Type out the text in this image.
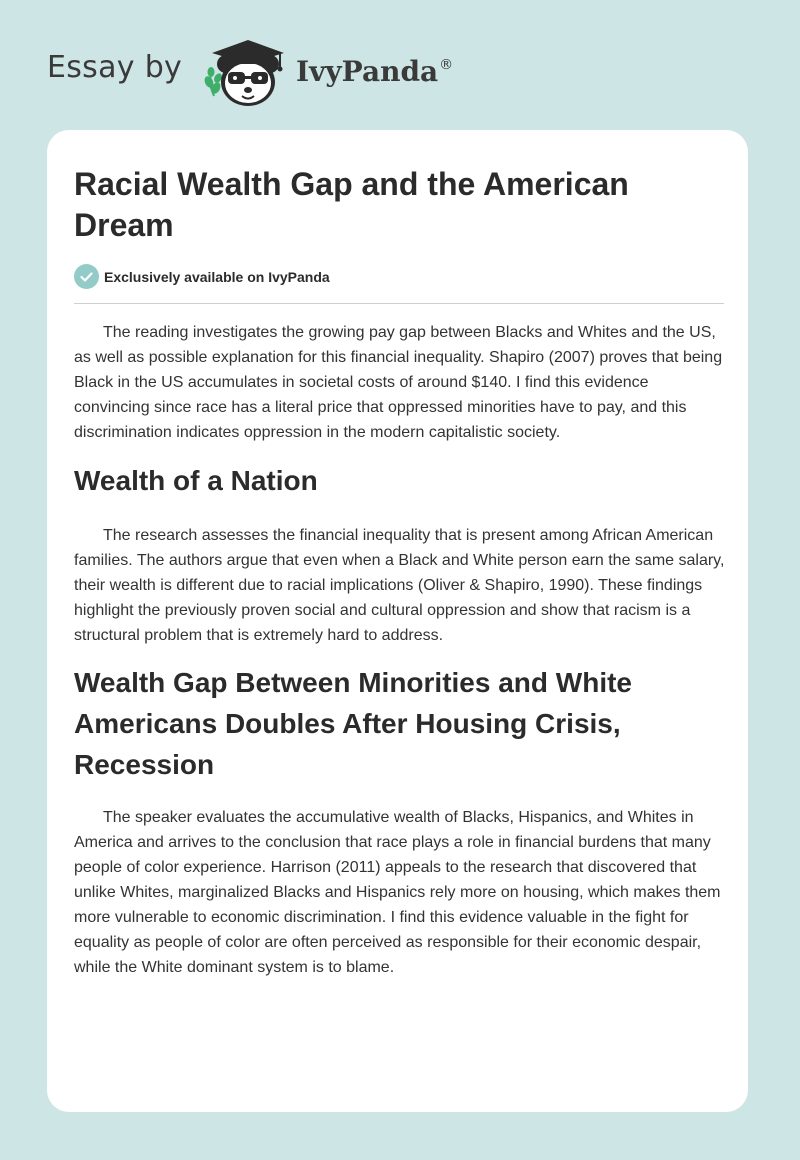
Essay by	IvyPanda®
Racial Wealth Gap and the American Dream
Exclusively available on IvyPanda

The reading investigates the growing pay gap between Blacks and Whites and the US, as well as possible explanation for this financial inequality. Shapiro (2007) proves that being Black in the US accumulates in societal costs of around $140. I find this evidence convincing since race has a literal price that oppressed minorities have to pay, and this discrimination indicates oppression in the modern capitalistic society.

Wealth of a Nation

The research assesses the financial inequality that is present among African American families. The authors argue that even when a Black and White person earn the same salary, their wealth is different due to racial implications (Oliver & Shapiro, 1990). These findings highlight the previously proven social and cultural oppression and show that racism is a structural problem that is extremely hard to address.

Wealth Gap Between Minorities and White Americans Doubles After Housing Crisis, Recession

The speaker evaluates the accumulative wealth of Blacks, Hispanics, and Whites in America and arrives to the conclusion that race plays a role in financial burdens that many people of color experience. Harrison (2011) appeals to the research that discovered that unlike Whites, marginalized Blacks and Hispanics rely more on housing, which makes them more vulnerable to economic discrimination. I find this evidence valuable in the fight for equality as people of color are often perceived as responsible for their economic despair, while the White dominant system is to blame.
